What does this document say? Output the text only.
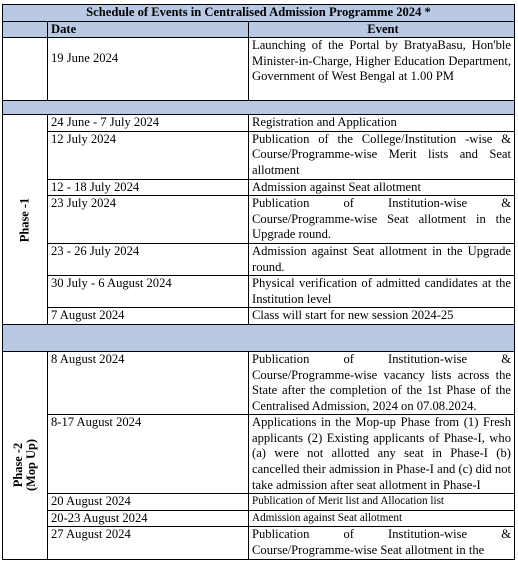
Schedule of Events in Centralised Admission Programme 2024 *		
	Date	Event
	19 June 2024	Launching of the Portal by BratyaBasu, Hon'ble Minister-in-Charge, Higher Education Department, Government of West Bengal at 1.00 PM

Phase -1	24 June - 7 July 2024	Registration and Application
	12 July 2024	Publication of the College/Institution -wise & Course/Programme-wise Merit lists and Seat allotment
	12 - 18 July 2024	Admission against Seat allotment
	23 July 2024	Publication of Institution-wise & Course/Programme-wise Seat allotment in the Upgrade round.
	23 - 26 July 2024	Admission against Seat allotment in the Upgrade round.
	30 July - 6 August 2024	Physical verification of admitted candidates at the Institution level
	7 August 2024	Class will start for new session 2024-25

Phase -2 (Mop Up)	8 August 2024	Publication of Institution-wise & Course/Programme-wise vacancy lists across the State after the completion of the 1st Phase of the Centralised Admission, 2024 on 07.08.2024.
	8-17 August 2024	Applications in the Mop-up Phase from (1) Fresh applicants (2) Existing applicants of Phase-I, who (a) were not allotted any seat in Phase-I (b) cancelled their admission in Phase-I and (c) did not take admission after seat allotment in Phase-I
	20 August 2024	Publication of Merit list and Allocation list
	20-23 August 2024	Admission against Seat allotment
	27 August 2024	Publication of Institution-wise & Course/Programme-wise Seat allotment in the
